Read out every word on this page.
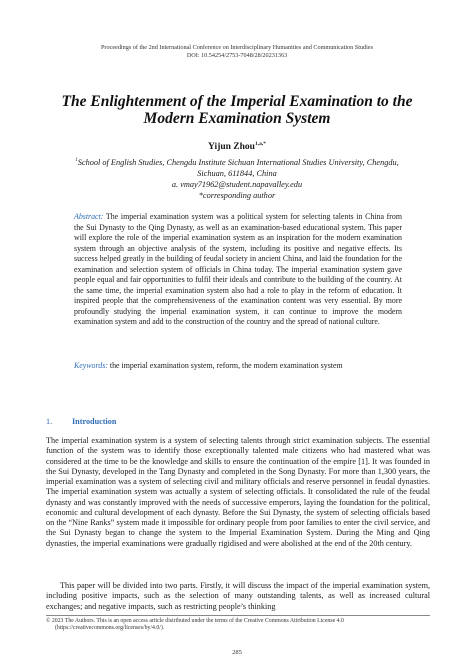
Proceedings of the 2nd International Conference on Interdisciplinary Humanities and Communication Studies
DOI: 10.54254/2753-7048/28/20231363
The Enlightenment of the Imperial Examination to the Modern Examination System
Yijun Zhou$^{1,a,*}$
$^1$School of English Studies, Chengdu Institute Sichuan International Studies University, Chengdu,
Sichuan, 611844, China
a. vmay71962@student.napavalley.edu
*corresponding author
Abstract: The imperial examination system was a political system for selecting talents in China from the Sui Dynasty to the Qing Dynasty, as well as an examination-based educational system. This paper will explore the role of the imperial examination system as an inspiration for the modern examination system through an objective analysis of the system, including its positive and negative effects. Its success helped greatly in the building of feudal society in ancient China, and laid the foundation for the examination and selection system of officials in China today. The imperial examination system gave people equal and fair opportunities to fulfil their ideals and contribute to the building of the country. At the same time, the imperial examination system also had a role to play in the reform of education. It inspired people that the comprehensiveness of the examination content was very essential. By more profoundly studying the imperial examination system, it can continue to improve the modern examination system and add to the construction of the country and the spread of national culture.
Keywords: the imperial examination system, reform, the modern examination system
1. Introduction

The imperial examination system is a system of selecting talents through strict examination subjects. The essential function of the system was to identify those exceptionally talented male citizens who had mastered what was considered at the time to be the knowledge and skills to ensure the continuation of the empire [1]. It was founded in the Sui Dynasty, developed in the Tang Dynasty and completed in the Song Dynasty. For more than 1,300 years, the imperial examination was a system of selecting civil and military officials and reserve personnel in feudal dynasties. The imperial examination system was actually a system of selecting officials. It consolidated the rule of the feudal dynasty and was constantly improved with the needs of successive emperors, laying the foundation for the political, economic and cultural development of each dynasty. Before the Sui Dynasty, the system of selecting officials based on the “Nine Ranks” system made it impossible for ordinary people from poor families to enter the civil service, and the Sui Dynasty began to change the system to the Imperial Examination System. During the Ming and Qing dynasties, the imperial examinations were gradually rigidised and were abolished at the end of the 20th century.

This paper will be divided into two parts. Firstly, it will discuss the impact of the imperial examination system, including positive impacts, such as the selection of many outstanding talents, as well as increased cultural exchanges; and negative impacts, such as restricting people’s thinking

© 2023 The Authors. This is an open access article distributed under the terms of the Creative Commons Attribution License 4.0
(https://creativecommons.org/licenses/by/4.0/).
285
